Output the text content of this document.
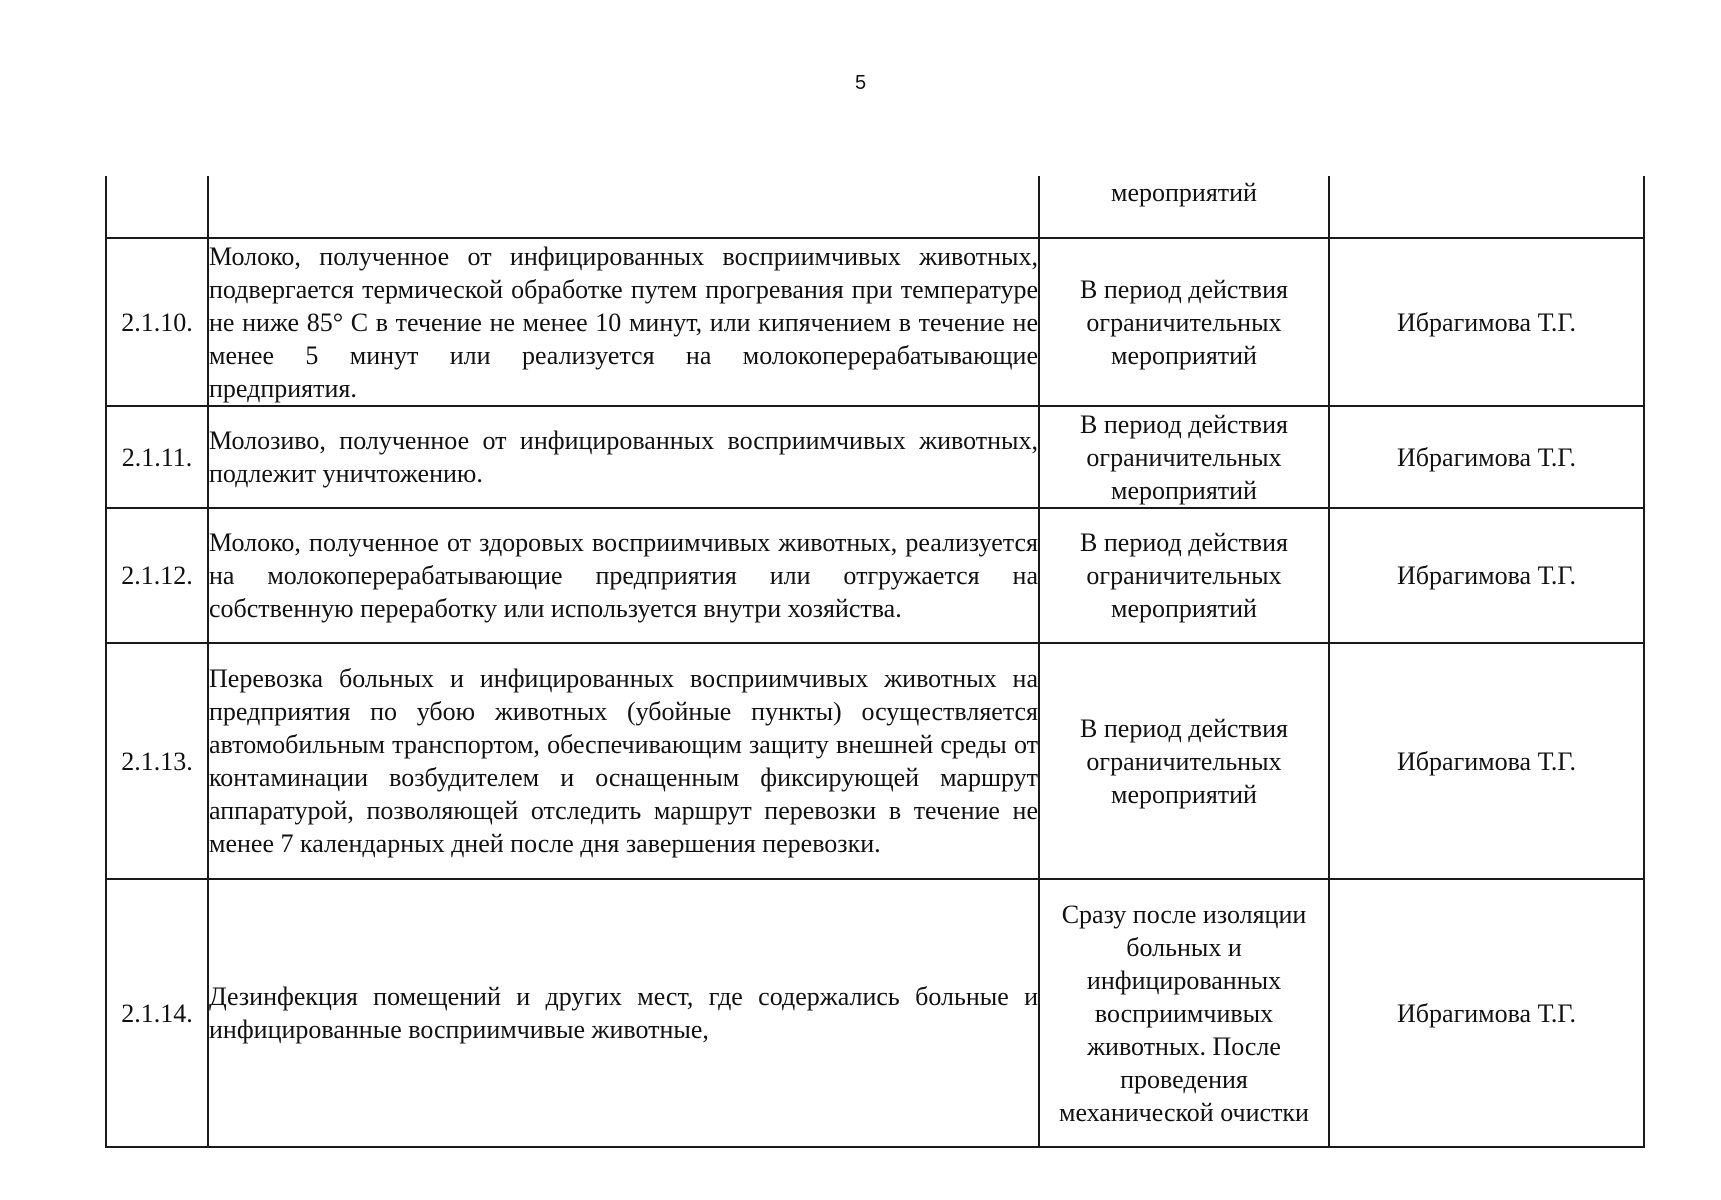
5

		мероприятий	

2.1.10.	Молоко, полученное от инфицированных восприимчивых животных, подвергается термической обработке путем прогревания при температуре не ниже 85° С в течение не менее 10 минут, или кипячением в течение не менее 5 минут или реализуется на молокоперерабатывающие предприятия.	В период действия ограничительных мероприятий	Ибрагимова Т.Г.

2.1.11.	Молозиво, полученное от инфицированных восприимчивых животных, подлежит уничтожению.	В период действия ограничительных мероприятий	Ибрагимова Т.Г.

2.1.12.	Молоко, полученное от здоровых восприимчивых животных, реализуется на молокоперерабатывающие предприятия или отгружается на собственную переработку или используется внутри хозяйства.	В период действия ограничительных мероприятий	Ибрагимова Т.Г.

2.1.13.	Перевозка больных и инфицированных восприимчивых животных на предприятия по убою животных (убойные пункты) осуществляется автомобильным транспортом, обеспечивающим защиту внешней среды от контаминации возбудителем и оснащенным фиксирующей маршрут аппаратурой, позволяющей отследить маршрут перевозки в течение не менее 7 календарных дней после дня завершения перевозки.	В период действия ограничительных мероприятий	Ибрагимова Т.Г.

2.1.14.	Дезинфекция помещений и других мест, где содержались больные и инфицированные восприимчивые животные,	Сразу после изоляции больных и инфицированных восприимчивых животных. После проведения механической очистки	Ибрагимова Т.Г.
